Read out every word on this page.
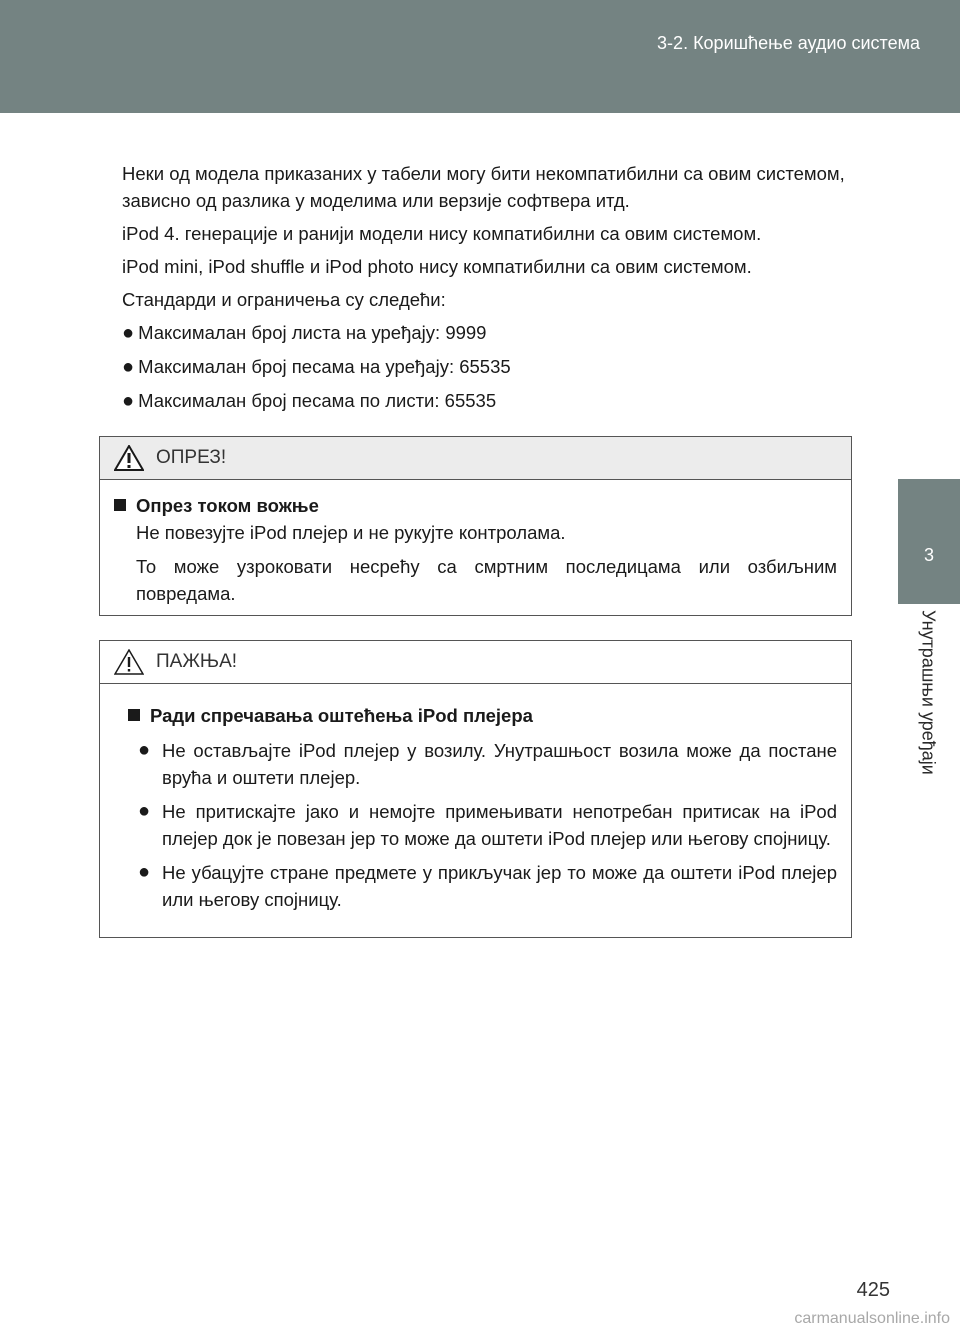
3-2. Коришћење аудио система
3
Унутрашњи уређаји

Неки од модела приказаних у табели могу бити некомпатибилни са овим системом, зависно од разлика у моделима или верзије софтвера итд.

iPod 4. генерације и ранији модели нису компатибилни са овим системом.

iPod mini, iPod shuffle и iPod photo нису компатибилни са овим системом.

Стандарди и ограничења су следећи:

● Максималан број листа на уређају: 9999
● Максималан број песама на уређају: 65535
● Максималан број песама по листи: 65535
ОПРЕЗ!
Опрез током вожње
Не повезујте iPod плејер и не рукујте контролама.
То може узроковати несрећу са смртним последицама или озбиљним повредама.
ПАЖЊА!
Ради спречавања оштећења iPod плејера
● Не остављајте iPod плејер у возилу. Унутрашњост возила може да постане врућа и оштети плејер.
● Не притискајте јако и немојте примењивати непотребан притисак на iPod плејер док је повезан јер то може да оштети iPod плејер или његову спојницу.
● Не убацујте стране предмете у прикључак јер то може да оштети iPod плејер или његову спојницу.
425
carmanualsonline.info
